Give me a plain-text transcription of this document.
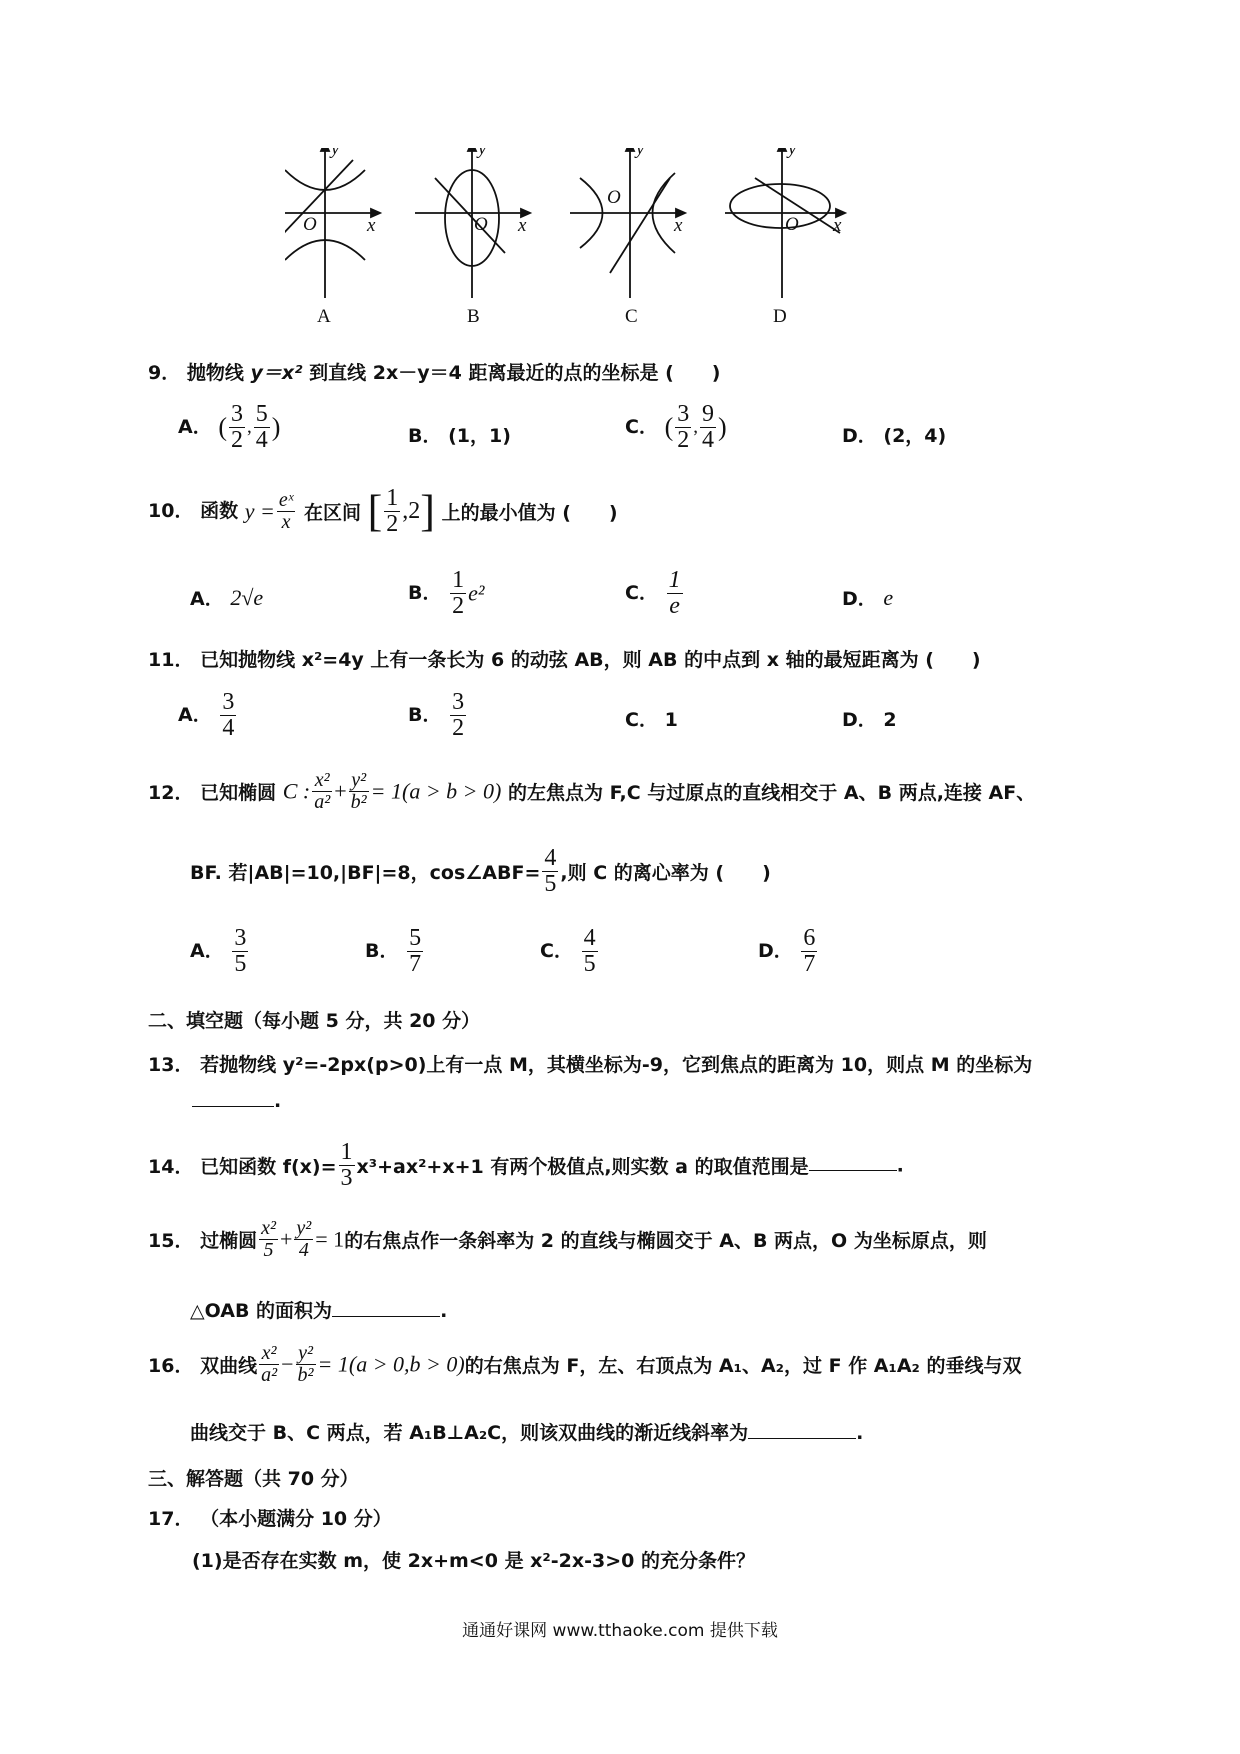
y
x
O
y
x
O
y
x
O
y
x
O
A	B	C	D
9． 抛物线 y＝x² 到直线 2x－y＝4 距离最近的点的坐标是 (　　)
A． ( $\frac{3}{2}$ , $\frac{5}{4}$ )	B． (1，1)	C． ( $\frac{3}{2}$ , $\frac{9}{4}$ )	D． (2，4)
10． 函数 $y = \frac{\text{eˣ}}{x}$ 在区间 [ $\frac{1}{2} ,2$] 上的最小值为 (　　)
A． 2√e	B． $\frac{1}{2} e^2$	C． $\frac{1}{e}$	D． e
11． 已知抛物线 x²=4y 上有一条长为 6 的动弦 AB，则 AB 的中点到 x 轴的最短距离为 (　　)
A． $\frac{3}{4}$	B． $\frac{3}{2}$	C． 1	D． 2
12． 已知椭圆 C : $\frac{\text{x²}}{\text{a²}} + \frac{\text{y²}}{\text{b²}} = 1(a > b > 0)$ 的左焦点为 F,C 与过原点的直线相交于 A、B 两点,连接 AF、
BF. 若|AB|=10,|BF|=8，cos∠ABF= $\frac{4}{5}$ ,则 C 的离心率为 (　　)
A． $\frac{3}{5}$	B． $\frac{5}{7}$	C． $\frac{4}{5}$	D． $\frac{6}{7}$
二、填空题（每小题 5 分，共 20 分）
13． 若抛物线 y²=-2px(p>0)上有一点 M，其横坐标为-9，它到焦点的距离为 10，则点 M 的坐标为
.
14． 已知函数 $f(x)= \frac{1}{3} x^3+ax^2+x+1$ 有两个极值点,则实数 a 的取值范围是	.
15． 过椭圆 $\frac{\text{x²}}{5} + \frac{\text{y²}}{4} = 1$的右焦点作一条斜率为 2 的直线与椭圆交于 A、B 两点，O 为坐标原点，则
△OAB 的面积为	.
16． 双曲线 $\frac{\text{x²}}{\text{a²}} - \frac{\text{y²}}{\text{b²}} = 1(a > 0,b > 0)$的右焦点为 F，左、右顶点为 A₁、A₂，过 F 作 A₁A₂ 的垂线与双
曲线交于 B、C 两点，若 A₁B⊥A₂C，则该双曲线的渐近线斜率为	.
三、解答题（共 70 分）
17． （本小题满分 10 分）
(1)是否存在实数 m，使 2x+m<0 是 x²-2x-3>0 的充分条件？
通通好课网 www.tthaoke.com 提供下载
